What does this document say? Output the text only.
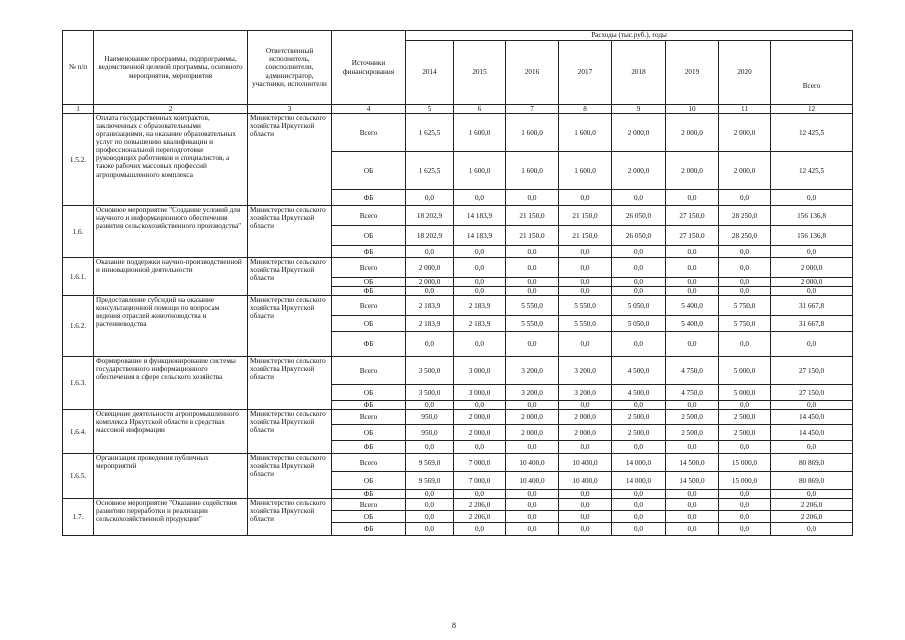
№ п/п	Наименование программы, подпрограммы, ведомственной целевой программы, основного мероприятия, мероприятия	Ответственный исполнитель, соисполнители, администратор, участники, исполнители	Источники финансирования	Расходы (тыс.руб.), годы							
				2014	2015	2016	2017	2018	2019	2020	Всего
1	2	3	4	5	6	7	8	9	10	11	12
1.5.2.	Оплата государственных контрактов, заключенных с образовательными организациями, на оказание образовательных услуг по повышению квалификации и профессиональной переподготовке руководящих работников и специалистов, а также рабочих массовых профессий агропромышленного комплекса	Министерство сельского хозяйства Иркутской области	Всего	1 625,5	1 600,0	1 600,0	1 600,0	2 000,0	2 000,0	2 000,0	12 425,5
			ОБ	1 625,5	1 600,0	1 600,0	1 600,0	2 000,0	2 000,0	2 000,0	12 425,5
			ФБ	0,0	0,0	0,0	0,0	0,0	0,0	0,0	0,0
1.6.	Основное мероприятие "Создание условий для научного и информационного обеспечения развития сельскохозяйственного производства"	Министерство сельского хозяйства Иркутской области	Всего	18 202,9	14 183,9	21 150,0	21 150,0	26 050,0	27 150,0	28 250,0	156 136,8
			ОБ	18 202,9	14 183,9	21 150,0	21 150,0	26 050,0	27 150,0	28 250,0	156 136,8
			ФБ	0,0	0,0	0,0	0,0	0,0	0,0	0,0	0,0
1.6.1.	Оказание поддержки научно-производственной и инновационной деятельности	Министерство сельского хозяйства Иркутской области	Всего	2 000,0	0,0	0,0	0,0	0,0	0,0	0,0	2 000,0
			ОБ	2 000,0	0,0	0,0	0,0	0,0	0,0	0,0	2 000,0
			ФБ	0,0	0,0	0,0	0,0	0,0	0,0	0,0	0,0
1.6.2.	Предоставление субсидий на оказание консультационной помощи по вопросам ведения отраслей животноводства и растениеводства	Министерство сельского хозяйства Иркутской области	Всего	2 183,9	2 183,9	5 550,0	5 550,0	5 050,0	5 400,0	5 750,0	31 667,8
			ОБ	2 183,9	2 183,9	5 550,0	5 550,0	5 050,0	5 400,0	5 750,0	31 667,8
			ФБ	0,0	0,0	0,0	0,0	0,0	0,0	0,0	0,0
1.6.3.	Формирование и функционирование системы государственного информационного обеспечения в сфере сельского хозяйства	Министерство сельского хозяйства Иркутской области	Всего	3 500,0	3 000,0	3 200,0	3 200,0	4 500,0	4 750,0	5 000,0	27 150,0
			ОБ	3 500,0	3 000,0	3 200,0	3 200,0	4 500,0	4 750,0	5 000,0	27 150,0
			ФБ	0,0	0,0	0,0	0,0	0,0	0,0	0,0	0,0
1.6.4.	Освещение деятельности агропромышленного комплекса Иркутской области в средствах массовой информации	Министерство сельского хозяйства Иркутской области	Всего	950,0	2 000,0	2 000,0	2 000,0	2 500,0	2 500,0	2 500,0	14 450,0
			ОБ	950,0	2 000,0	2 000,0	2 000,0	2 500,0	2 500,0	2 500,0	14 450,0
			ФБ	0,0	0,0	0,0	0,0	0,0	0,0	0,0	0,0
1.6.5.	Организация проведения публичных мероприятий	Министерство сельского хозяйства Иркутской области	Всего	9 569,0	7 000,0	10 400,0	10 400,0	14 000,0	14 500,0	15 000,0	80 869,0
			ОБ	9 569,0	7 000,0	10 400,0	10 400,0	14 000,0	14 500,0	15 000,0	80 869,0
			ФБ	0,0	0,0	0,0	0,0	0,0	0,0	0,0	0,0
1.7.	Основное мероприятие "Оказание содействия развитию переработки и реализации сельскохозяйственной продукции"	Министерство сельского хозяйства Иркутской области	Всего	0,0	2 206,0	0,0	0,0	0,0	0,0	0,0	2 206,0
			ОБ	0,0	2 206,0	0,0	0,0	0,0	0,0	0,0	2 206,0
			ФБ	0,0	0,0	0,0	0,0	0,0	0,0	0,0	0,0
8
